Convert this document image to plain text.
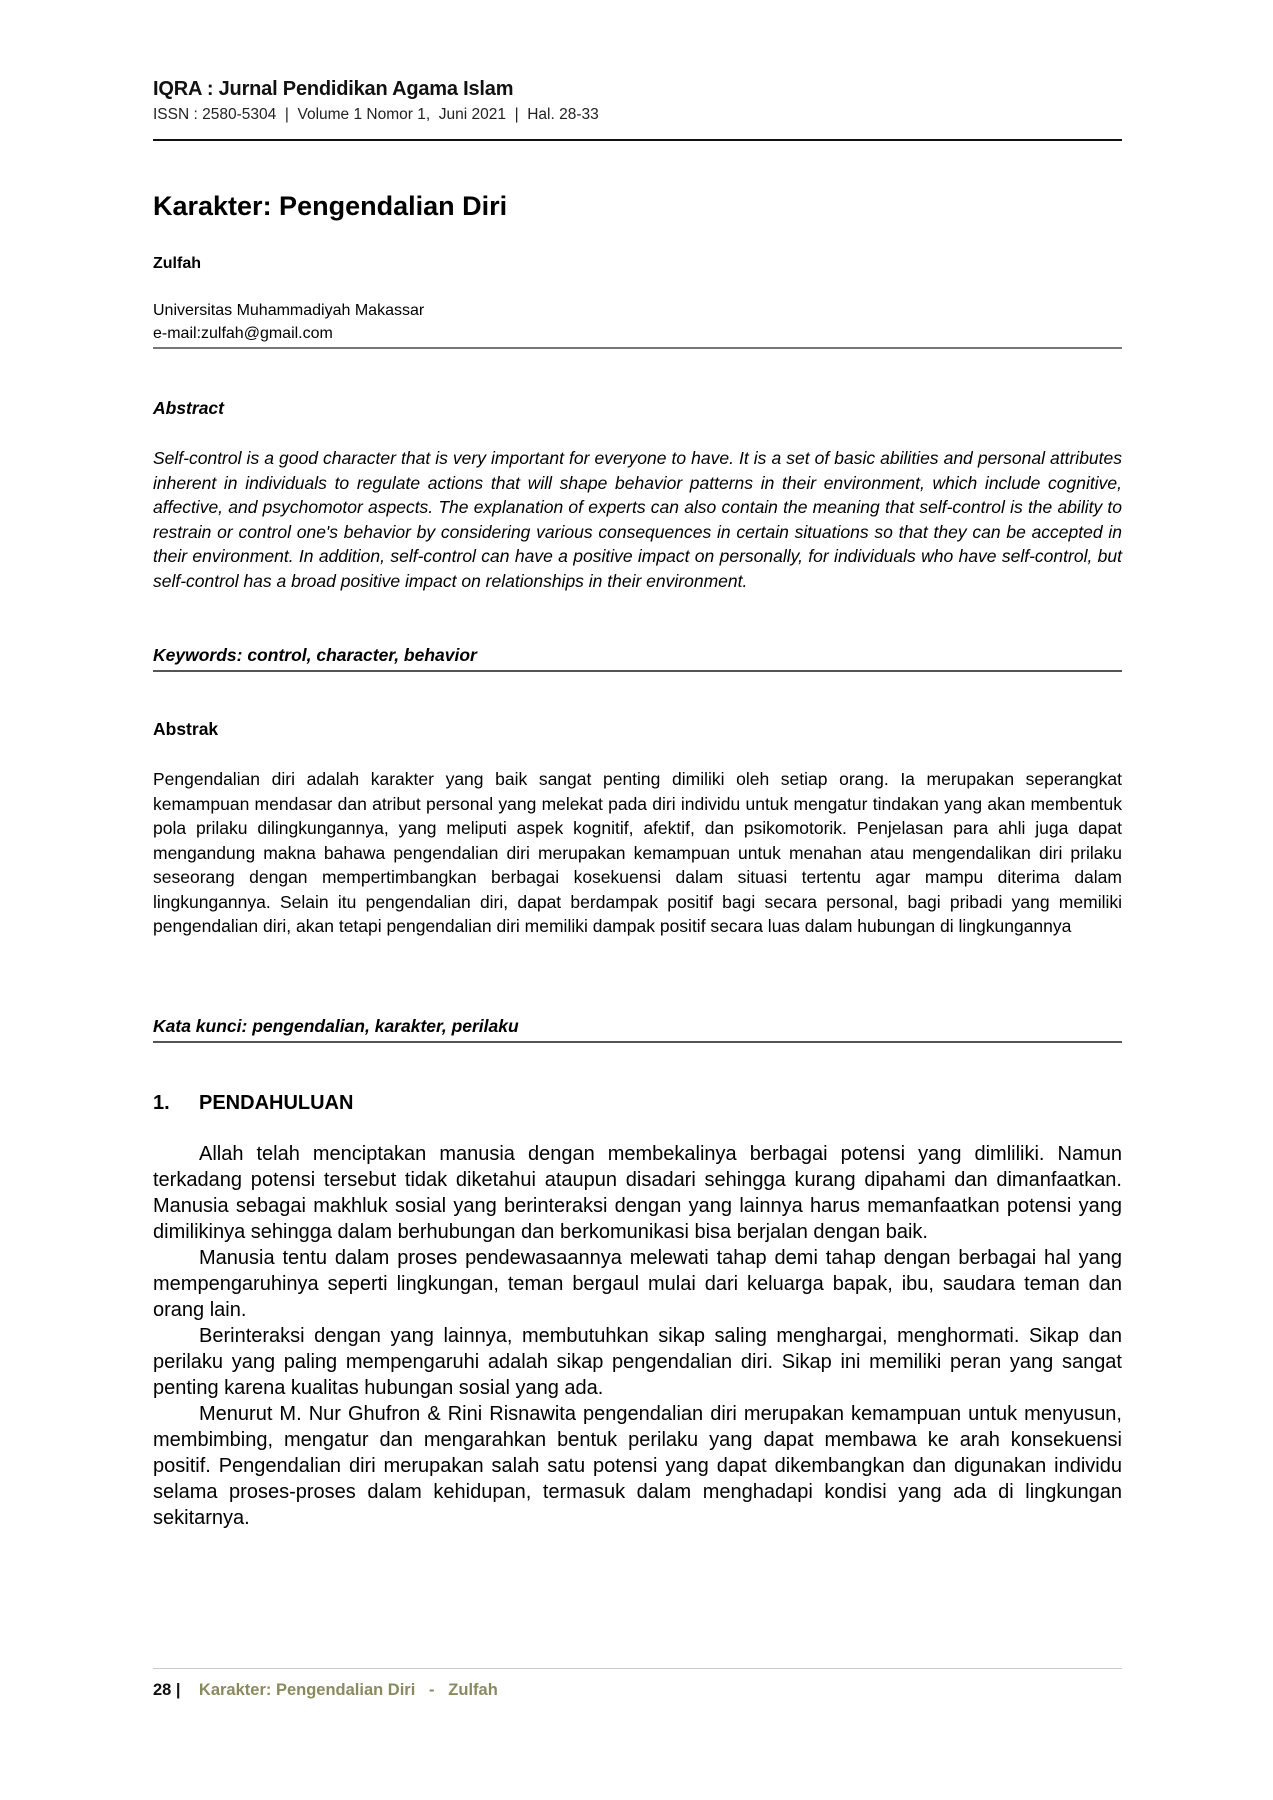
IQRA : Jurnal Pendidikan Agama Islam
ISSN : 2580-5304  |  Volume 1 Nomor 1,  Juni 2021  |  Hal. 28-33
Karakter: Pengendalian Diri
Zulfah
Universitas Muhammadiyah Makassar
e-mail:zulfah@gmail.com
Abstract

Self-control is a good character that is very important for everyone to have. It is a set of basic abilities and personal attributes inherent in individuals to regulate actions that will shape behavior patterns in their environment, which include cognitive, affective, and psychomotor aspects. The explanation of experts can also contain the meaning that self-control is the ability to restrain or control one's behavior by considering various consequences in certain situations so that they can be accepted in their environment. In addition, self-control can have a positive impact on personally, for individuals who have self-control, but self-control has a broad positive impact on relationships in their environment.

Keywords: control, character, behavior
Abstrak

Pengendalian diri adalah karakter yang baik sangat penting dimiliki oleh setiap orang. Ia merupakan seperangkat kemampuan mendasar dan atribut personal yang melekat pada diri individu untuk mengatur tindakan yang akan membentuk pola prilaku dilingkungannya, yang meliputi aspek kognitif, afektif, dan psikomotorik. Penjelasan para ahli juga dapat mengandung makna bahawa pengendalian diri merupakan kemampuan untuk menahan atau mengendalikan diri prilaku seseorang dengan mempertimbangkan berbagai kosekuensi dalam situasi tertentu agar mampu diterima dalam lingkungannya. Selain itu pengendalian diri, dapat berdampak positif bagi secara personal, bagi pribadi yang memiliki pengendalian diri, akan tetapi pengendalian diri memiliki dampak positif secara luas dalam hubungan di lingkungannya

Kata kunci: pengendalian, karakter, perilaku
1. PENDAHULUAN

Allah telah menciptakan manusia dengan membekalinya berbagai potensi yang dimliliki. Namun terkadang potensi tersebut tidak diketahui ataupun disadari sehingga kurang dipahami dan dimanfaatkan. Manusia sebagai makhluk sosial yang berinteraksi dengan yang lainnya harus memanfaatkan potensi yang dimilikinya sehingga dalam berhubungan dan berkomunikasi bisa berjalan dengan baik.

Manusia tentu dalam proses pendewasaannya melewati tahap demi tahap dengan berbagai hal yang mempengaruhinya seperti lingkungan, teman bergaul mulai dari keluarga bapak, ibu, saudara teman dan orang lain.

Berinteraksi dengan yang lainnya, membutuhkan sikap saling menghargai, menghormati. Sikap dan perilaku yang paling mempengaruhi adalah sikap pengendalian diri. Sikap ini memiliki peran yang sangat penting karena kualitas hubungan sosial yang ada.

Menurut M. Nur Ghufron & Rini Risnawita pengendalian diri merupakan kemampuan untuk menyusun, membimbing, mengatur dan mengarahkan bentuk perilaku yang dapat membawa ke arah konsekuensi positif. Pengendalian diri merupakan salah satu potensi yang dapat dikembangkan dan digunakan individu selama proses-proses dalam kehidupan, termasuk dalam menghadapi kondisi yang ada di lingkungan sekitarnya.

28 | Karakter: Pengendalian Diri   -   Zulfah
